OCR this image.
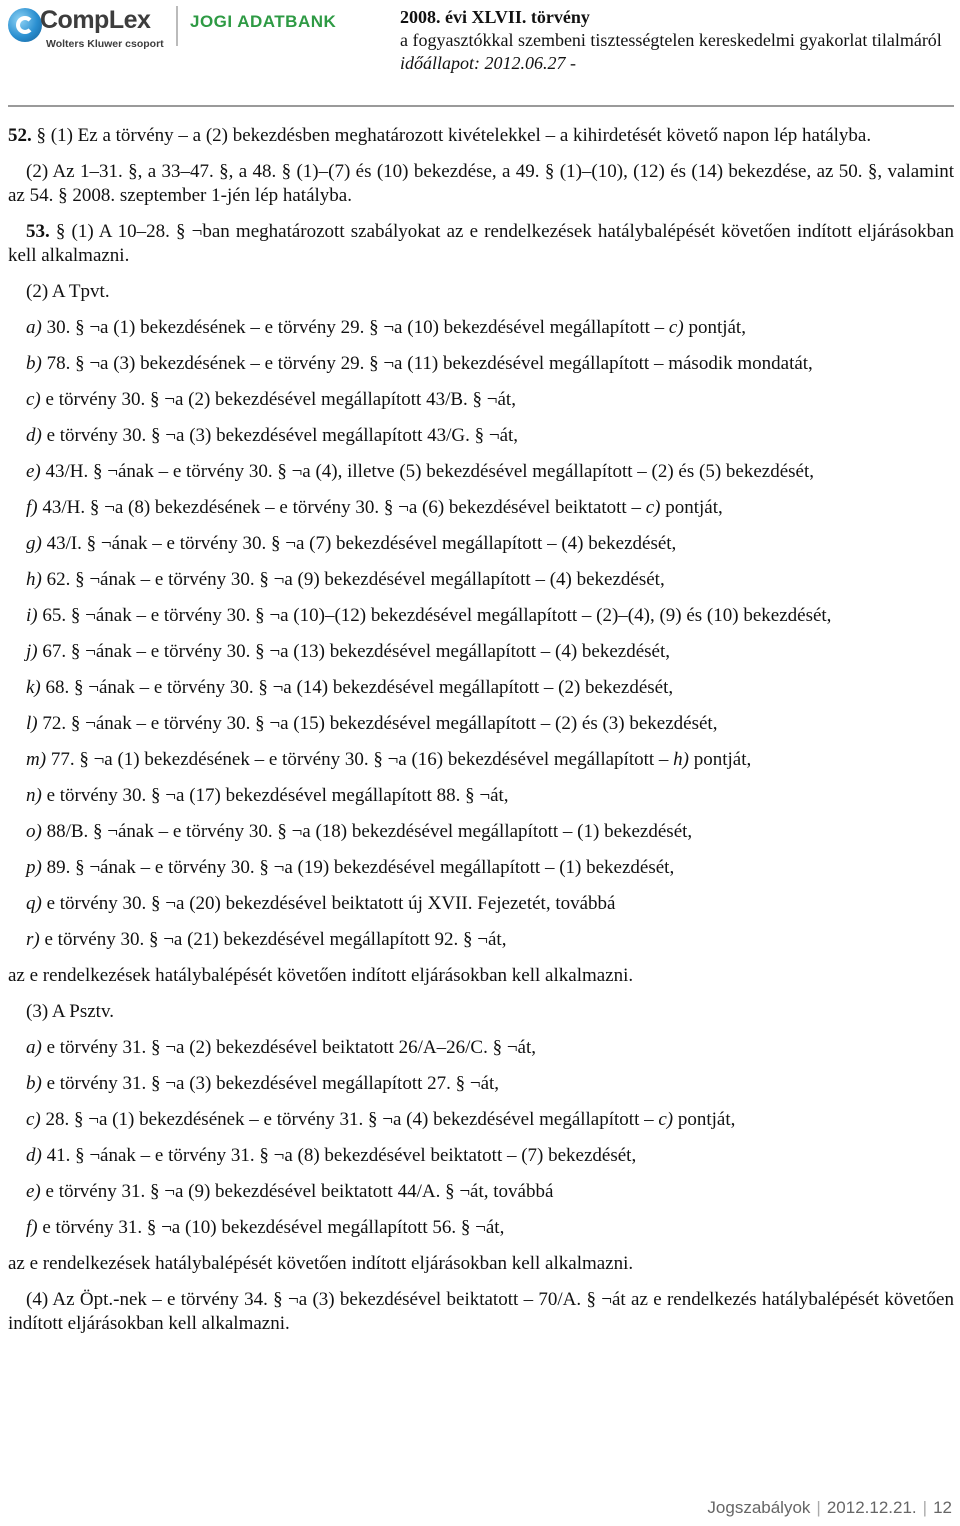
CompLex
Wolters Kluwer csoport
JOGI ADATBANK	2008. évi XLVII. törvény
a fogyasztókkal szembeni tisztességtelen kereskedelmi gyakorlat tilalmáról
időállapot: 2012.06.27 -

52. § (1) Ez a törvény – a (2) bekezdésben meghatározott kivételekkel – a kihirdetését követő napon lép hatályba.

(2) Az 1–31. §, a 33–47. §, a 48. § (1)–(7) és (10) bekezdése, a 49. § (1)–(10), (12) és (14) bekezdése, az 50. §, valamint az 54. § 2008. szeptember 1-jén lép hatályba.

53. § (1) A 10–28. § ¬ban meghatározott szabályokat az e rendelkezések hatálybalépését követően indított eljárásokban kell alkalmazni.

(2) A Tpvt.

a) 30. § ¬a (1) bekezdésének – e törvény 29. § ¬a (10) bekezdésével megállapított – c) pontját,

b) 78. § ¬a (3) bekezdésének – e törvény 29. § ¬a (11) bekezdésével megállapított – második mondatát,

c) e törvény 30. § ¬a (2) bekezdésével megállapított 43/B. § ¬át,

d) e törvény 30. § ¬a (3) bekezdésével megállapított 43/G. § ¬át,

e) 43/H. § ¬ának – e törvény 30. § ¬a (4), illetve (5) bekezdésével megállapított – (2) és (5) bekezdését,

f) 43/H. § ¬a (8) bekezdésének – e törvény 30. § ¬a (6) bekezdésével beiktatott – c) pontját,

g) 43/I. § ¬ának – e törvény 30. § ¬a (7) bekezdésével megállapított – (4) bekezdését,

h) 62. § ¬ának – e törvény 30. § ¬a (9) bekezdésével megállapított – (4) bekezdését,

i) 65. § ¬ának – e törvény 30. § ¬a (10)–(12) bekezdésével megállapított – (2)–(4), (9) és (10) bekezdését,

j) 67. § ¬ának – e törvény 30. § ¬a (13) bekezdésével megállapított – (4) bekezdését,

k) 68. § ¬ának – e törvény 30. § ¬a (14) bekezdésével megállapított – (2) bekezdését,

l) 72. § ¬ának – e törvény 30. § ¬a (15) bekezdésével megállapított – (2) és (3) bekezdését,

m) 77. § ¬a (1) bekezdésének – e törvény 30. § ¬a (16) bekezdésével megállapított – h) pontját,

n) e törvény 30. § ¬a (17) bekezdésével megállapított 88. § ¬át,

o) 88/B. § ¬ának – e törvény 30. § ¬a (18) bekezdésével megállapított – (1) bekezdését,

p) 89. § ¬ának – e törvény 30. § ¬a (19) bekezdésével megállapított – (1) bekezdését,

q) e törvény 30. § ¬a (20) bekezdésével beiktatott új XVII. Fejezetét, továbbá

r) e törvény 30. § ¬a (21) bekezdésével megállapított 92. § ¬át,

az e rendelkezések hatálybalépését követően indított eljárásokban kell alkalmazni.

(3) A Psztv.

a) e törvény 31. § ¬a (2) bekezdésével beiktatott 26/A–26/C. § ¬át,

b) e törvény 31. § ¬a (3) bekezdésével megállapított 27. § ¬át,

c) 28. § ¬a (1) bekezdésének – e törvény 31. § ¬a (4) bekezdésével megállapított – c) pontját,

d) 41. § ¬ának – e törvény 31. § ¬a (8) bekezdésével beiktatott – (7) bekezdését,

e) e törvény 31. § ¬a (9) bekezdésével beiktatott 44/A. § ¬át, továbbá

f) e törvény 31. § ¬a (10) bekezdésével megállapított 56. § ¬át,

az e rendelkezések hatálybalépését követően indított eljárásokban kell alkalmazni.

(4) Az Öpt.-nek – e törvény 34. § ¬a (3) bekezdésével beiktatott – 70/A. § ¬át az e rendelkezés hatálybalépését követően indított eljárásokban kell alkalmazni.

Jogszabályok | 2012.12.21. | 12
